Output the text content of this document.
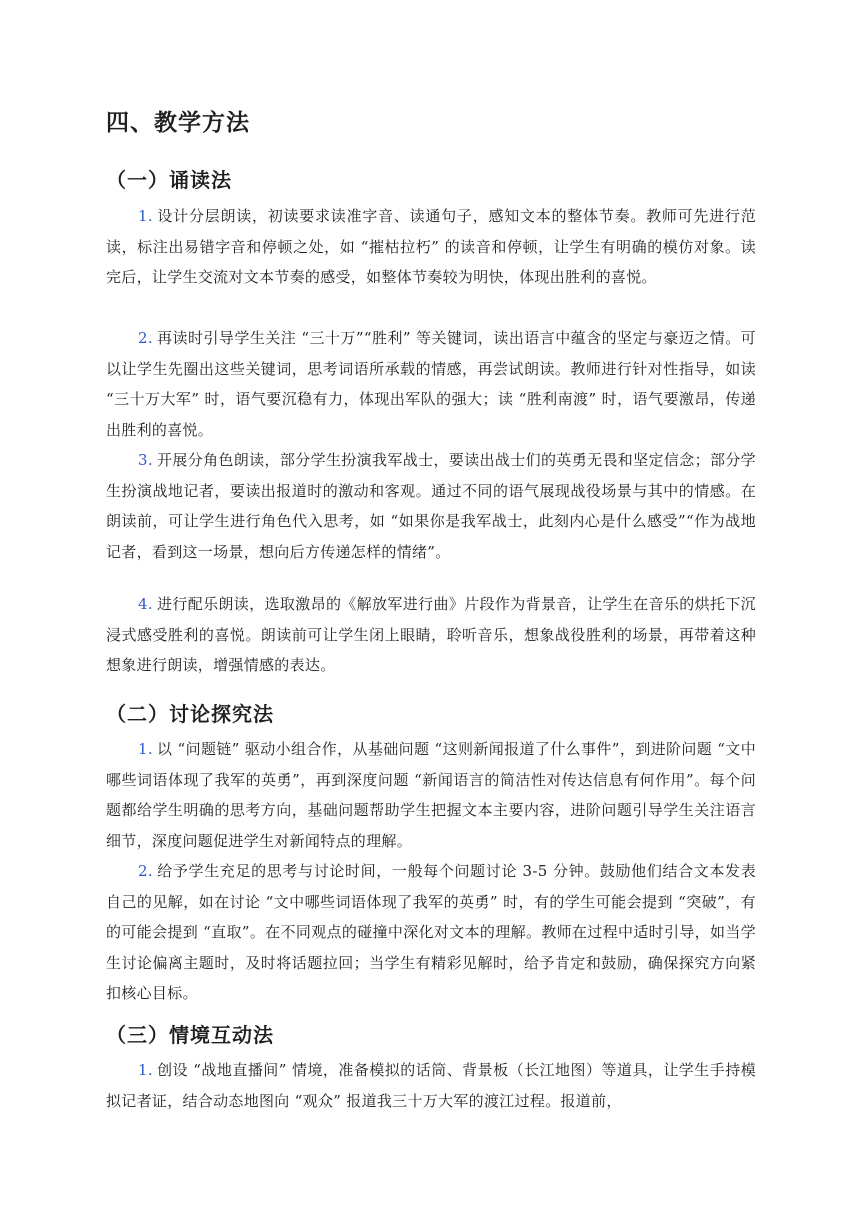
四、教学方法
（一）诵读法

1. 设计分层朗读，初读要求读准字音、读通句子，感知文本的整体节奏。教师可先进行范读，标注出易错字音和停顿之处，如 “摧枯拉朽” 的读音和停顿，让学生有明确的模仿对象。读完后，让学生交流对文本节奏的感受，如整体节奏较为明快，体现出胜利的喜悦。

2. 再读时引导学生关注 “三十万”“胜利” 等关键词，读出语言中蕴含的坚定与豪迈之情。可以让学生先圈出这些关键词，思考词语所承载的情感，再尝试朗读。教师进行针对性指导，如读 “三十万大军” 时，语气要沉稳有力，体现出军队的强大；读 “胜利南渡” 时，语气要激昂，传递出胜利的喜悦。

3. 开展分角色朗读，部分学生扮演我军战士，要读出战士们的英勇无畏和坚定信念；部分学生扮演战地记者，要读出报道时的激动和客观。通过不同的语气展现战役场景与其中的情感。在朗读前，可让学生进行角色代入思考，如 “如果你是我军战士，此刻内心是什么感受”“作为战地记者，看到这一场景，想向后方传递怎样的情绪”。

4. 进行配乐朗读，选取激昂的《解放军进行曲》片段作为背景音，让学生在音乐的烘托下沉浸式感受胜利的喜悦。朗读前可让学生闭上眼睛，聆听音乐，想象战役胜利的场景，再带着这种想象进行朗读，增强情感的表达。

（二）讨论探究法

1. 以 “问题链” 驱动小组合作，从基础问题 “这则新闻报道了什么事件”，到进阶问题 “文中哪些词语体现了我军的英勇”，再到深度问题 “新闻语言的简洁性对传达信息有何作用”。每个问题都给学生明确的思考方向，基础问题帮助学生把握文本主要内容，进阶问题引导学生关注语言细节，深度问题促进学生对新闻特点的理解。

2. 给予学生充足的思考与讨论时间，一般每个问题讨论 3-5 分钟。鼓励他们结合文本发表自己的见解，如在讨论 “文中哪些词语体现了我军的英勇” 时，有的学生可能会提到 “突破”，有的可能会提到 “直取”。在不同观点的碰撞中深化对文本的理解。教师在过程中适时引导，如当学生讨论偏离主题时，及时将话题拉回；当学生有精彩见解时，给予肯定和鼓励，确保探究方向紧扣核心目标。

（三）情境互动法

1. 创设 “战地直播间” 情境，准备模拟的话筒、背景板（长江地图）等道具，让学生手持模拟记者证，结合动态地图向 “观众” 报道我三十万大军的渡江过程。报道前，
